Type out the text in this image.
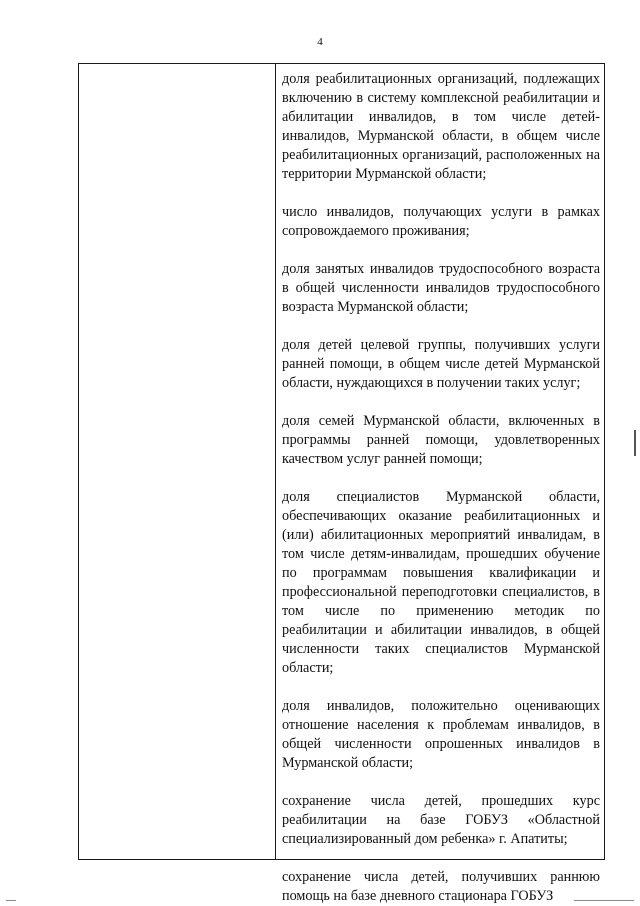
4

доля реабилитационных организаций, подлежащих включению в систему комплексной реабилитации и абилитации инвалидов, в том числе детей-инвалидов, Мурманской области, в общем числе реабилитационных организаций, расположенных на территории Мурманской области;

число инвалидов, получающих услуги в рамках сопровождаемого проживания;

доля занятых инвалидов трудоспособного возраста в общей численности инвалидов трудоспособного возраста Мурманской области;

доля детей целевой группы, получивших услуги ранней помощи, в общем числе детей Мурманской области, нуждающихся в получении таких услуг;

доля семей Мурманской области, включенных в программы ранней помощи, удовлетворенных качеством услуг ранней помощи;

доля специалистов Мурманской области, обеспечивающих оказание реабилитационных и (или) абилитационных мероприятий инвалидам, в том числе детям-инвалидам, прошедших обучение по программам повышения квалификации и профессиональной переподготовки специалистов, в том числе по применению методик по реабилитации и абилитации инвалидов, в общей численности таких специалистов Мурманской области;

доля инвалидов, положительно оценивающих отношение населения к проблемам инвалидов, в общей численности опрошенных инвалидов в Мурманской области;

сохранение числа детей, прошедших курс реабилитации на базе ГОБУЗ «Областной специализированный дом ребенка» г. Апатиты;

сохранение числа детей, получивших раннюю помощь на базе дневного стационара ГОБУЗ
